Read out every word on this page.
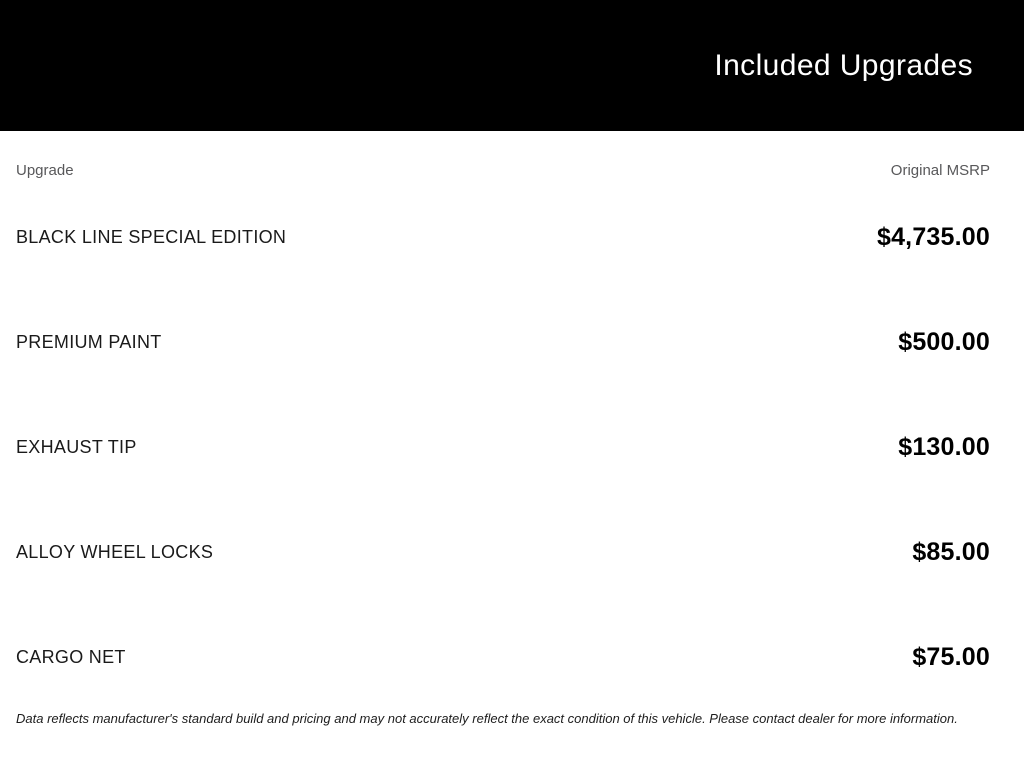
Included Upgrades
Upgrade	Original MSRP
BLACK LINE SPECIAL EDITION	$4,735.00
PREMIUM PAINT	$500.00
EXHAUST TIP	$130.00
ALLOY WHEEL LOCKS	$85.00
CARGO NET	$75.00
Data reflects manufacturer's standard build and pricing and may not accurately reflect the exact condition of this vehicle. Please contact dealer for more information.
